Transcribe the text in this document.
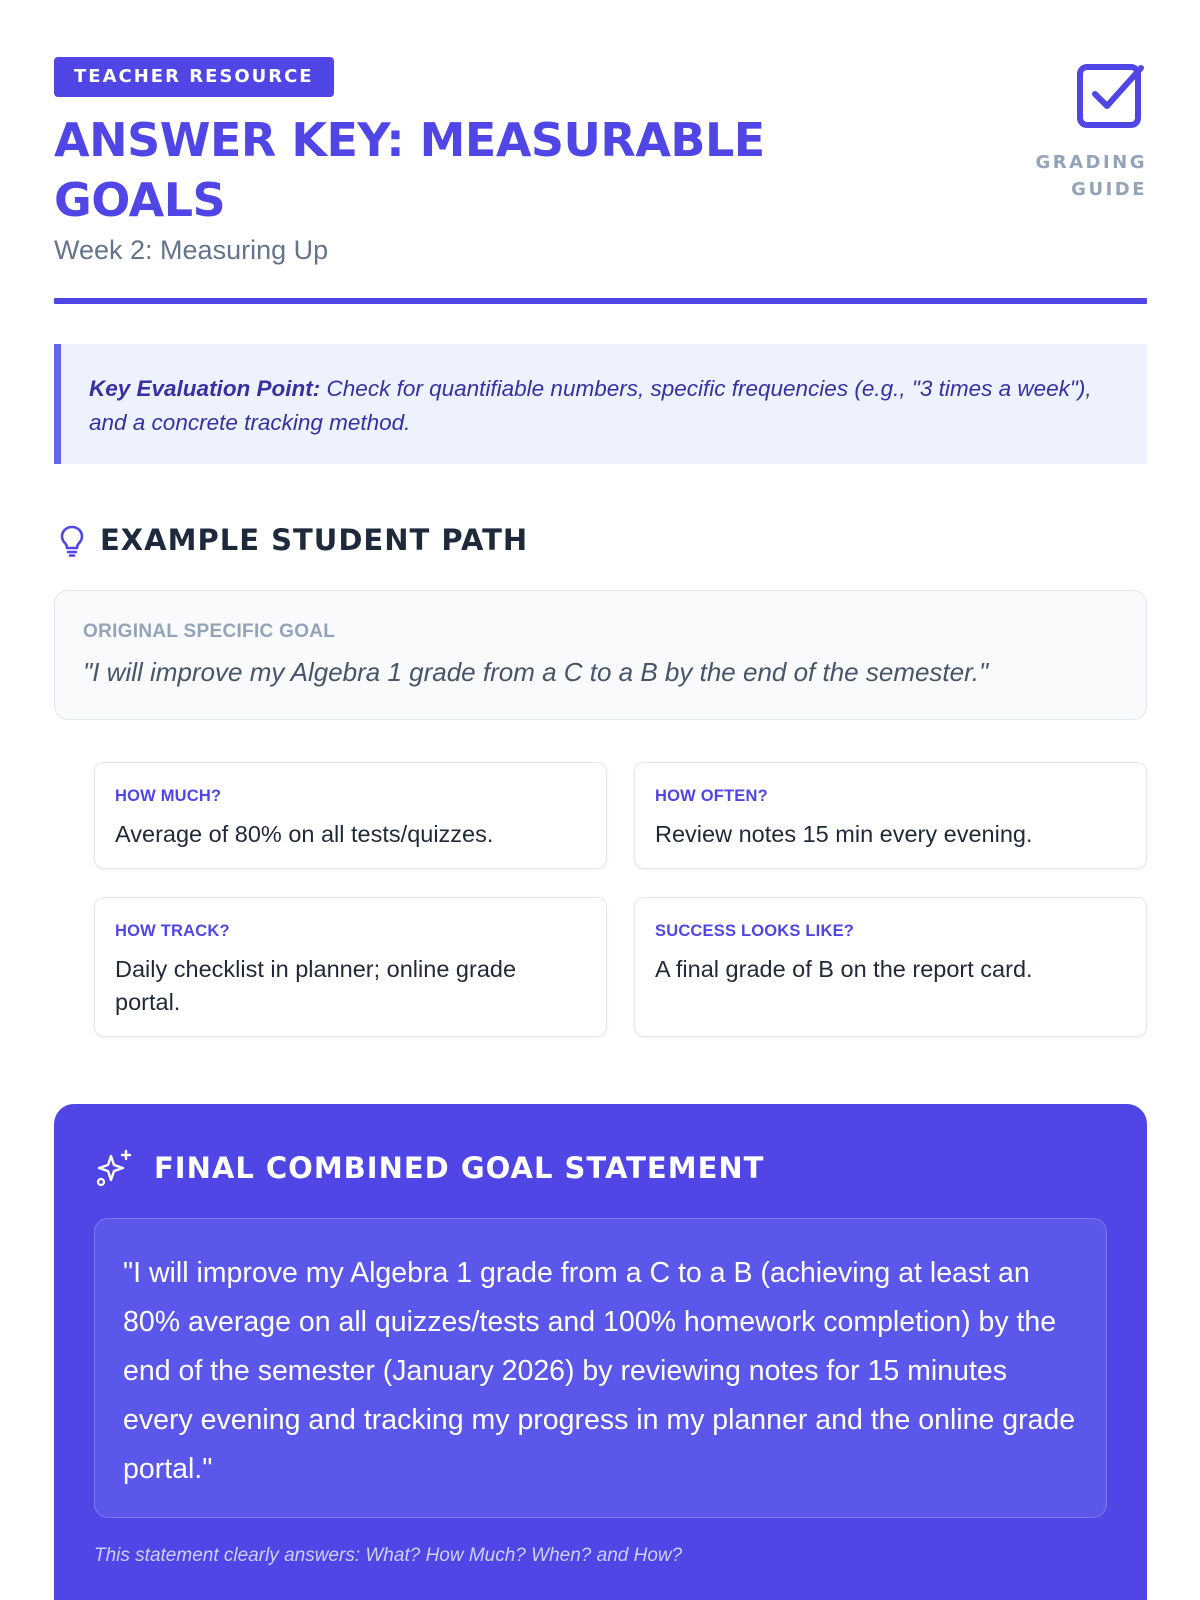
TEACHER RESOURCE
ANSWER KEY: MEASURABLE GOALS
Week 2: Measuring Up
GRADING
GUIDE
Key Evaluation Point: Check for quantifiable numbers, specific frequencies (e.g., "3 times a week"), and a concrete tracking method.
EXAMPLE STUDENT PATH
ORIGINAL SPECIFIC GOAL
"I will improve my Algebra 1 grade from a C to a B by the end of the semester."
HOW MUCH?
Average of 80% on all tests/quizzes.
HOW OFTEN?
Review notes 15 min every evening.
HOW TRACK?
Daily checklist in planner; online grade portal.
SUCCESS LOOKS LIKE?
A final grade of B on the report card.
FINAL COMBINED GOAL STATEMENT
"I will improve my Algebra 1 grade from a C to a B (achieving at least an 80% average on all quizzes/tests and 100% homework completion) by the end of the semester (January 2026) by reviewing notes for 15 minutes every evening and tracking my progress in my planner and the online grade portal."
This statement clearly answers: What? How Much? When? and How?
